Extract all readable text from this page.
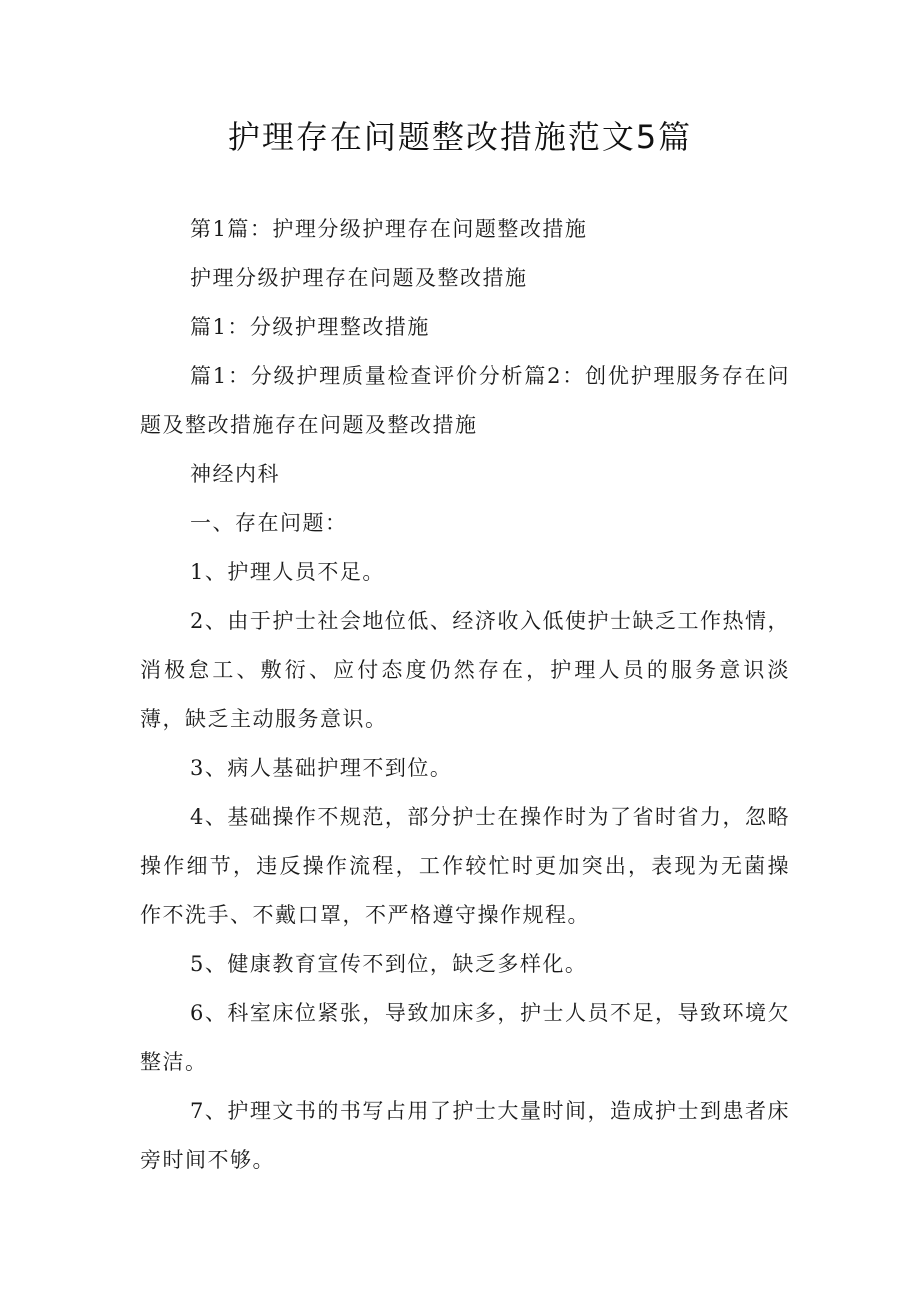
护理存在问题整改措施范文5篇

第1篇：护理分级护理存在问题整改措施

护理分级护理存在问题及整改措施

篇1：分级护理整改措施

篇1：分级护理质量检查评价分析篇2：创优护理服务存在问题及整改措施存在问题及整改措施

神经内科

一、存在问题：

1、护理人员不足。

2、由于护士社会地位低、经济收入低使护士缺乏工作热情，消极怠工、敷衍、应付态度仍然存在，护理人员的服务意识淡薄，缺乏主动服务意识。

3、病人基础护理不到位。

4、基础操作不规范，部分护士在操作时为了省时省力，忽略操作细节，违反操作流程，工作较忙时更加突出，表现为无菌操作不洗手、不戴口罩，不严格遵守操作规程。

5、健康教育宣传不到位，缺乏多样化。

6、科室床位紧张，导致加床多，护士人员不足，导致环境欠整洁。

7、护理文书的书写占用了护士大量时间，造成护士到患者床旁时间不够。
